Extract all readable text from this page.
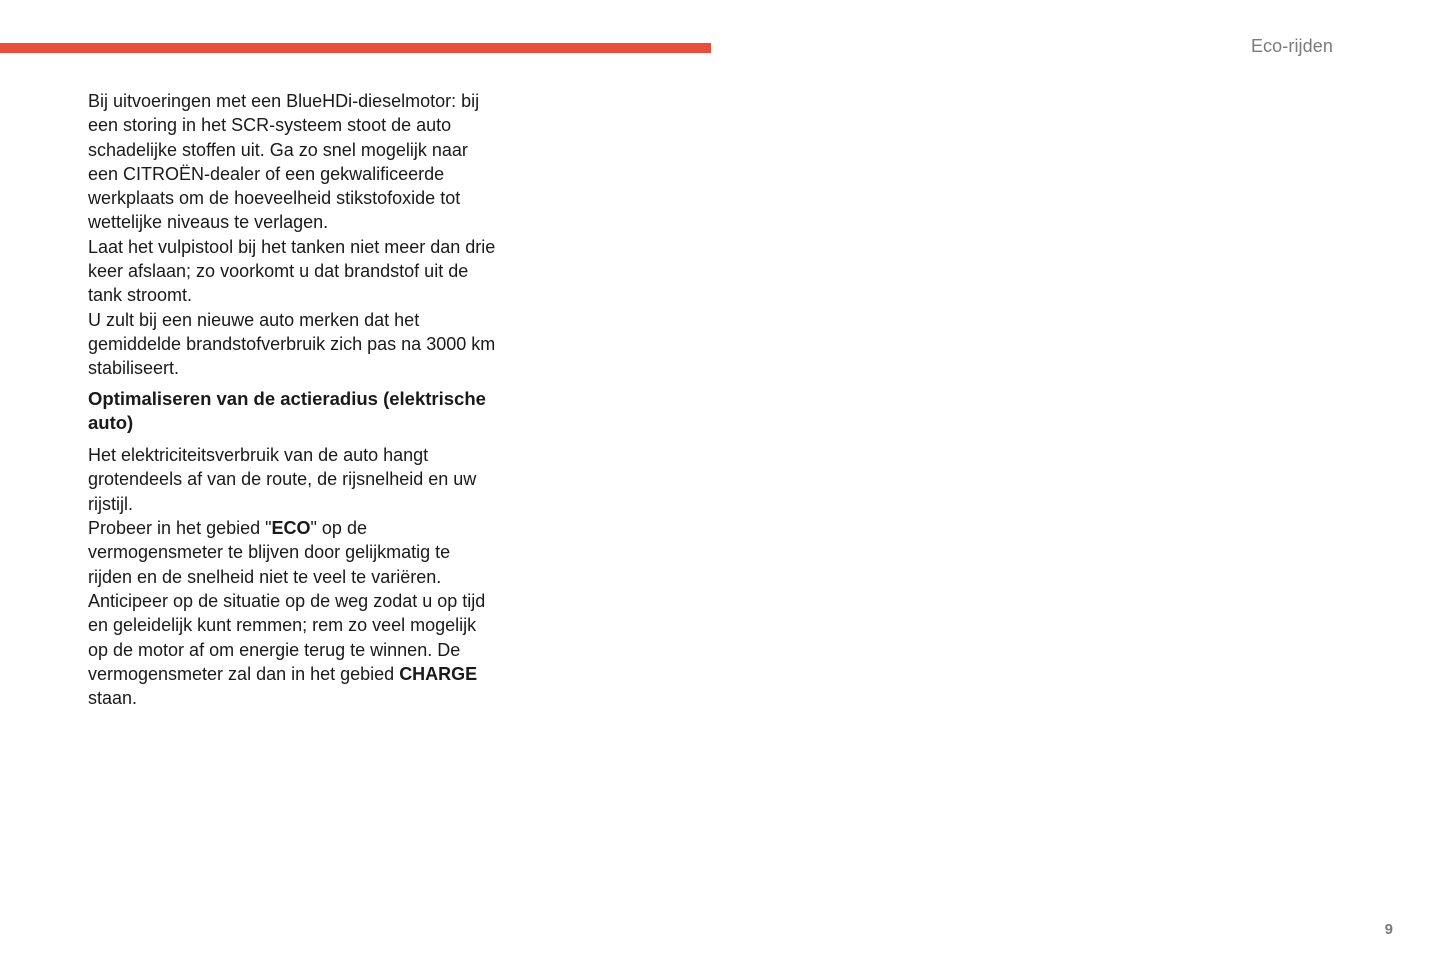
Eco-rijden

Bij uitvoeringen met een BlueHDi-dieselmotor: bij een storing in het SCR-systeem stoot de auto schadelijke stoffen uit. Ga zo snel mogelijk naar een CITROËN-dealer of een gekwalificeerde werkplaats om de hoeveelheid stikstofoxide tot wettelijke niveaus te verlagen.

Laat het vulpistool bij het tanken niet meer dan drie keer afslaan; zo voorkomt u dat brandstof uit de tank stroomt.

U zult bij een nieuwe auto merken dat het gemiddelde brandstofverbruik zich pas na 3000 km stabiliseert.

Optimaliseren van de actieradius (elektrische auto)

Het elektriciteitsverbruik van de auto hangt grotendeels af van de route, de rijsnelheid en uw rijstijl.

Probeer in het gebied "ECO" op de vermogensmeter te blijven door gelijkmatig te rijden en de snelheid niet te veel te variëren.

Anticipeer op de situatie op de weg zodat u op tijd en geleidelijk kunt remmen; rem zo veel mogelijk op de motor af om energie terug te winnen. De vermogensmeter zal dan in het gebied CHARGE staan.

9
